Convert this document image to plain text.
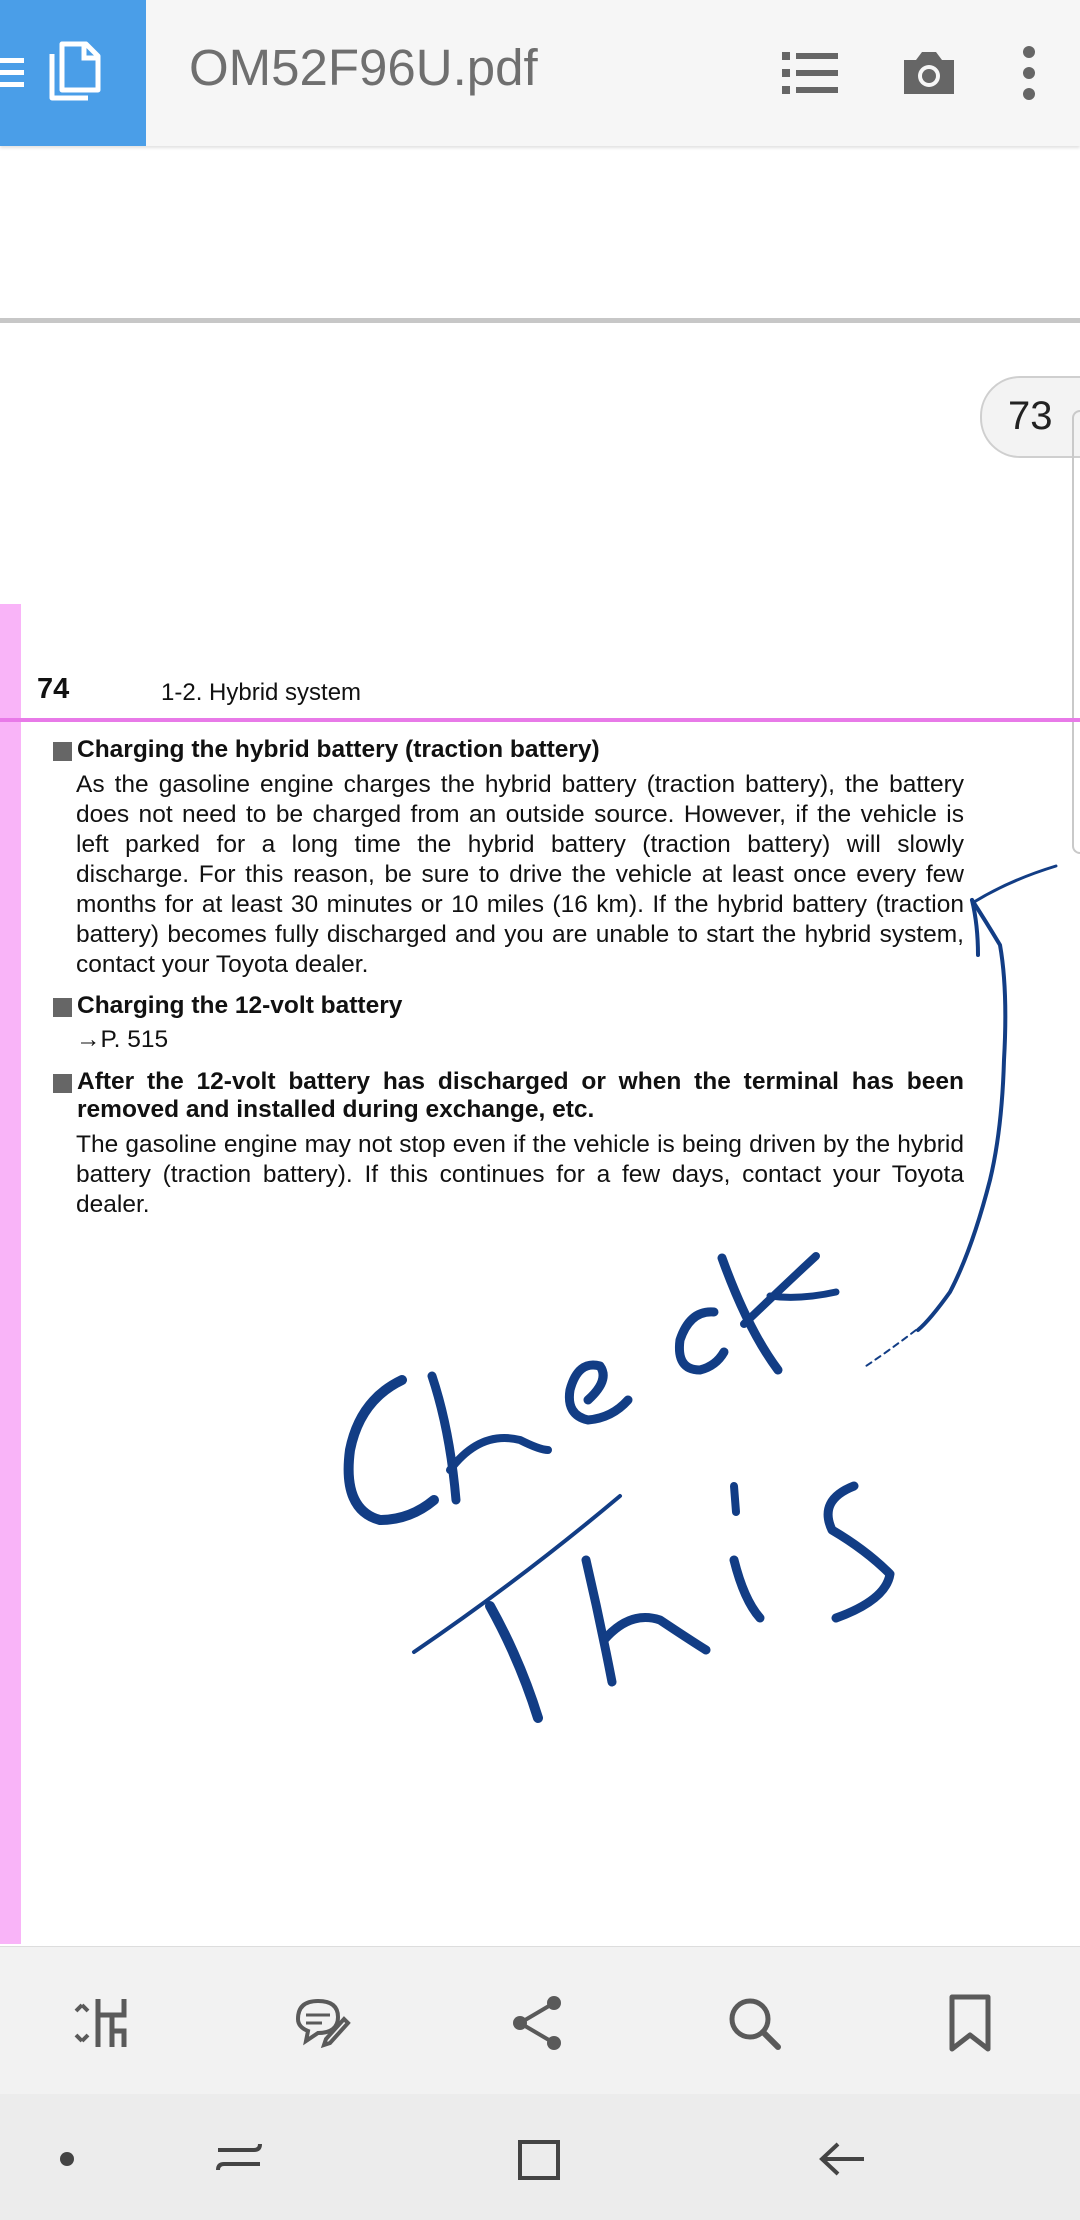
OM52F96U.pdf
73
74	1-2. Hybrid system
Charging the hybrid battery (traction battery)
As the gasoline engine charges the hybrid battery (traction battery), the battery does not need to be charged from an outside source. However, if the vehicle is left parked for a long time the hybrid battery (traction battery) will slowly discharge. For this reason, be sure to drive the vehicle at least once every few months for at least 30 minutes or 10 miles (16 km). If the hybrid battery (traction battery) becomes fully discharged and you are unable to start the hybrid system, contact your Toyota dealer.
Charging the 12-volt battery
→P. 515
After the 12-volt battery has discharged or when the terminal has been removed and installed during exchange, etc.
The gasoline engine may not stop even if the vehicle is being driven by the hybrid battery (traction battery). If this continues for a few days, contact your Toyota dealer.
